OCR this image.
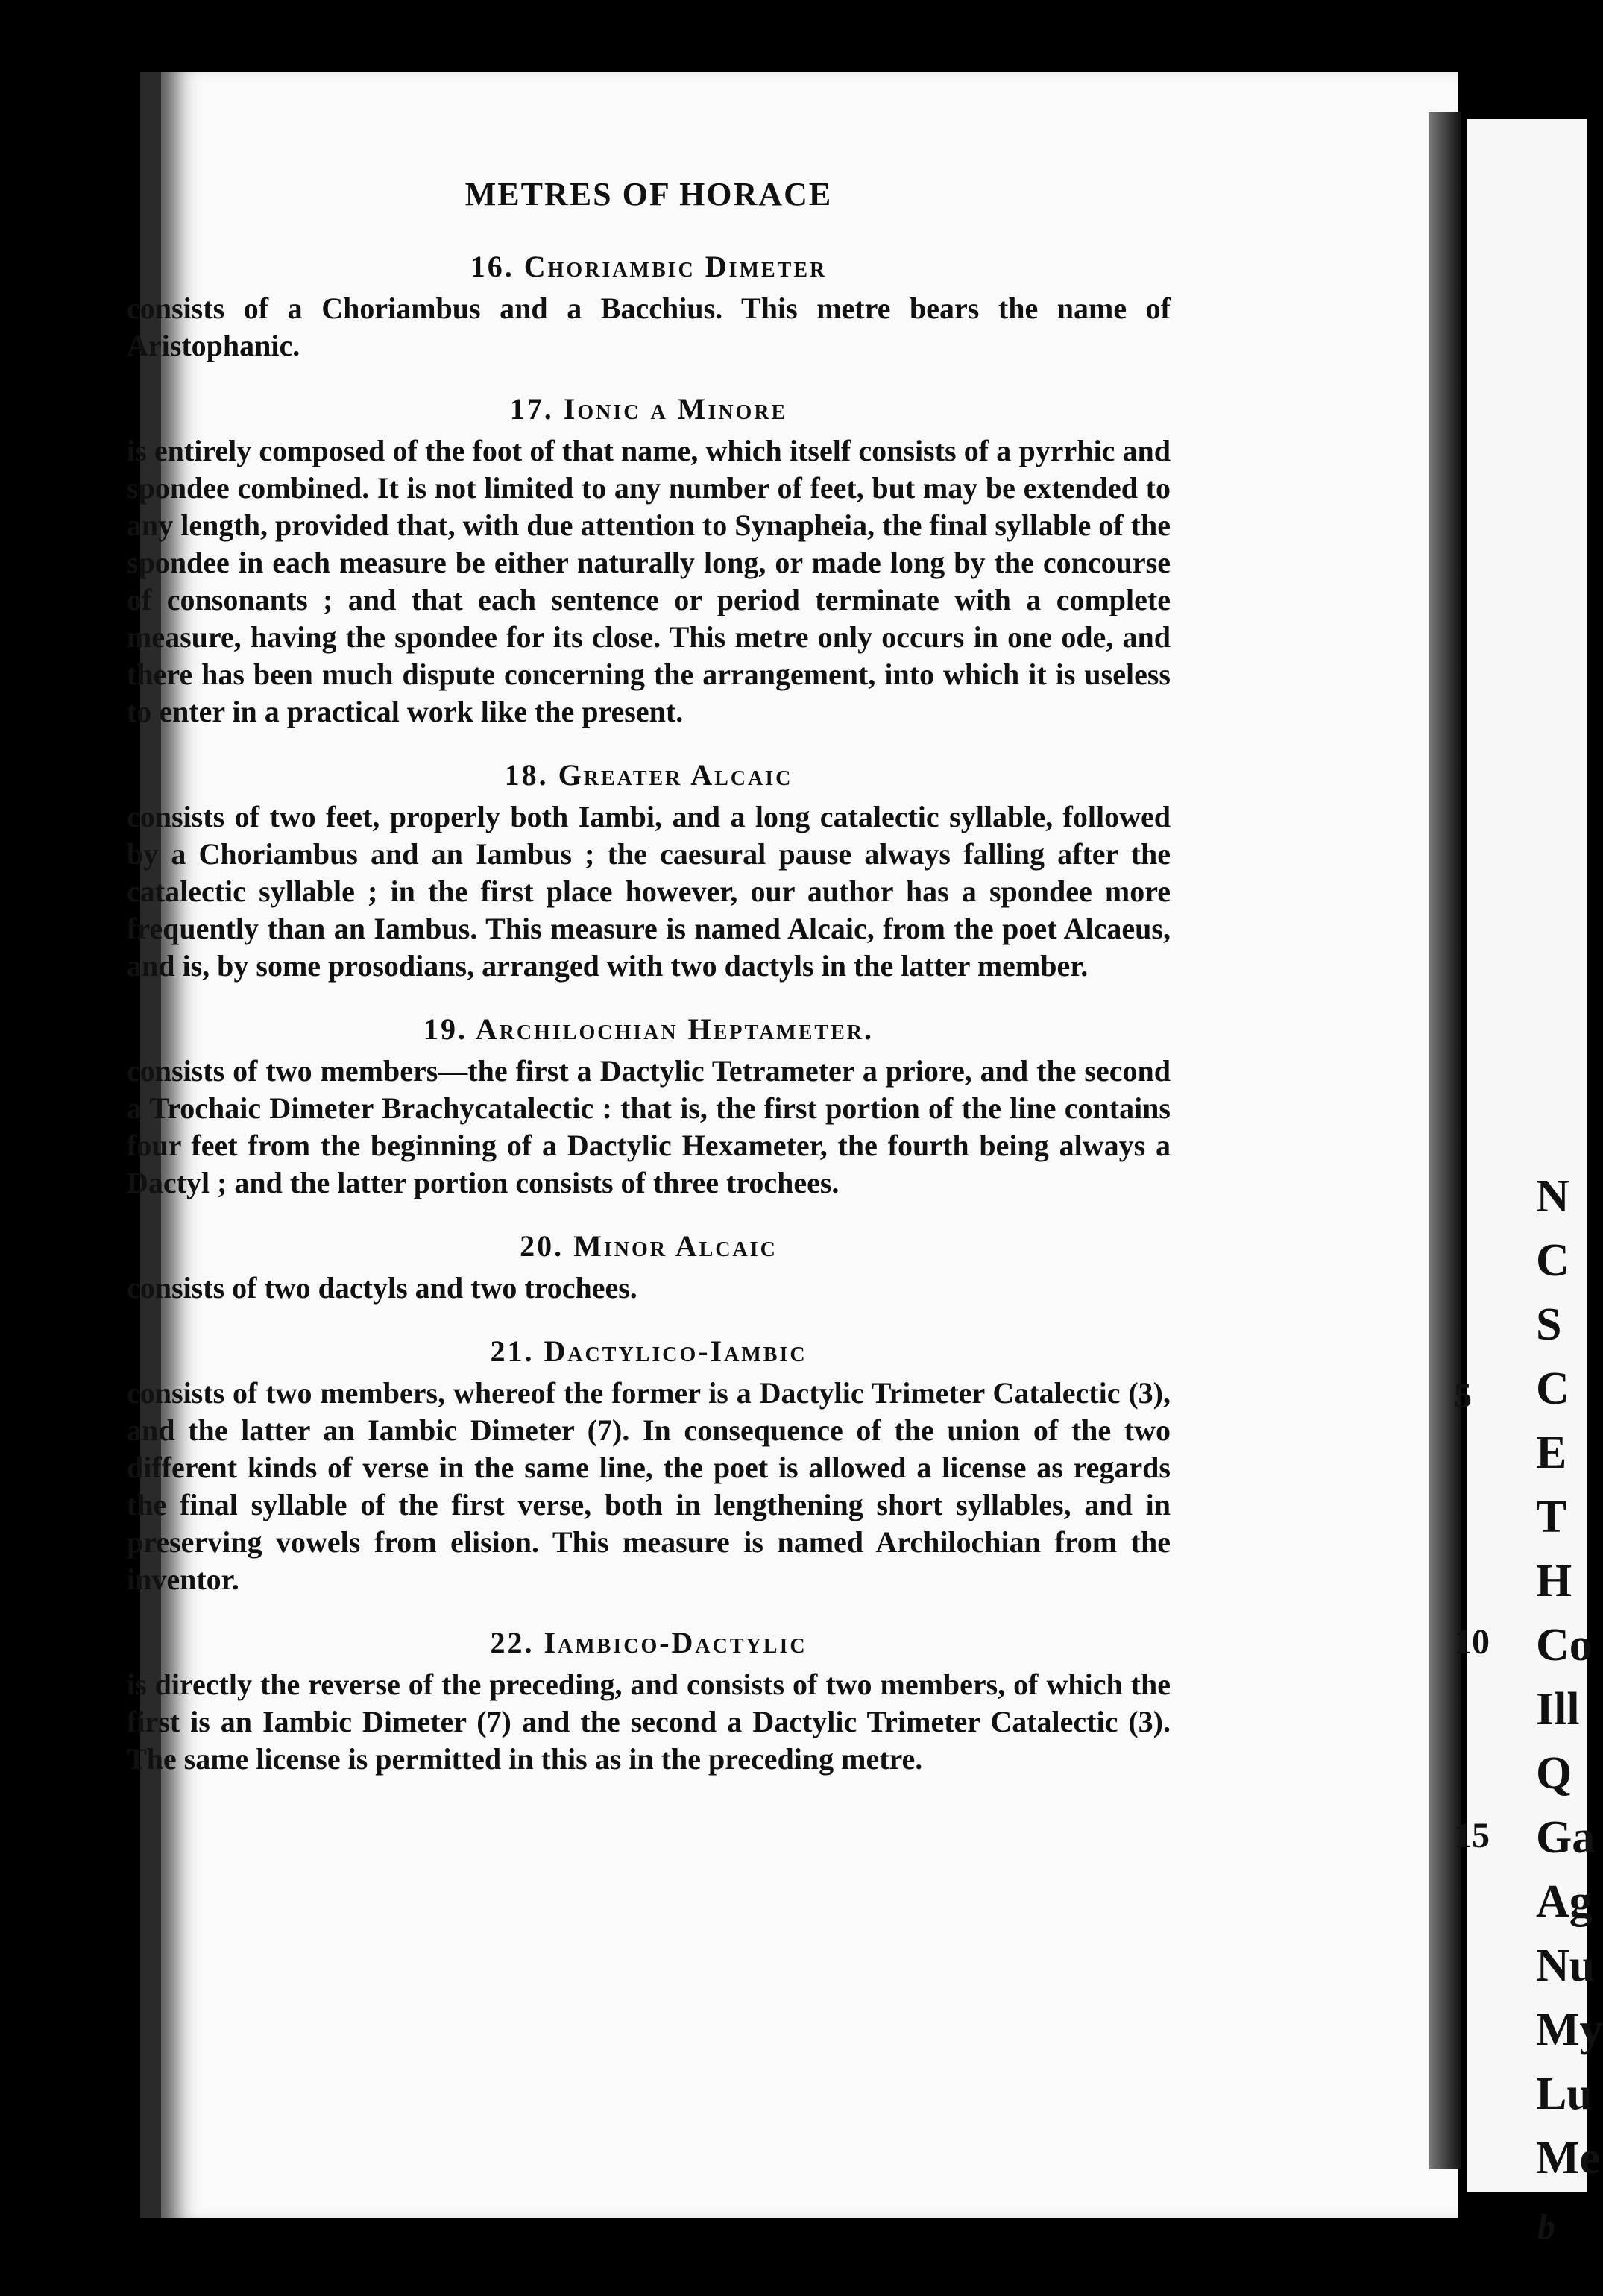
METRES OF HORACE
16. Choriambic Dimeter

consists of a Choriambus and a Bacchius. This metre bears the name of Aristophanic.

17. Ionic a Minore

is entirely composed of the foot of that name, which itself consists of a pyrrhic and spondee combined. It is not limited to any number of feet, but may be extended to any length, provided that, with due attention to Synapheia, the final syllable of the spondee in each measure be either naturally long, or made long by the concourse of consonants ; and that each sentence or period terminate with a complete measure, having the spondee for its close. This metre only occurs in one ode, and there has been much dispute concerning the arrangement, into which it is useless to enter in a practical work like the present.

18. Greater Alcaic

consists of two feet, properly both Iambi, and a long catalectic syllable, followed by a Choriambus and an Iambus ; the caesural pause always falling after the catalectic syllable ; in the first place however, our author has a spondee more frequently than an Iambus. This measure is named Alcaic, from the poet Alcaeus, and is, by some prosodians, arranged with two dactyls in the latter member.

19. Archilochian Heptameter.

consists of two members—the first a Dactylic Tetrameter a priore, and the second a Trochaic Dimeter Brachycatalectic : that is, the first portion of the line contains four feet from the beginning of a Dactylic Hexameter, the fourth being always a Dactyl ; and the latter portion consists of three trochees.

20. Minor Alcaic

consists of two dactyls and two trochees.

21. Dactylico-Iambic

consists of two members, whereof the former is a Dactylic Trimeter Catalectic (3), and the latter an Iambic Dimeter (7). In consequence of the union of the two different kinds of verse in the same line, the poet is allowed a license as regards the final syllable of the first verse, both in lengthening short syllables, and in preserving vowels from elision. This measure is named Archilochian from the inventor.

22. Iambico-Dactylic

is directly the reverse of the preceding, and consists of two members, of which the first is an Iambic Dimeter (7) and the second a Dactylic Trimeter Catalectic (3). The same license is permitted in this as in the preceding metre.

N
C
S
C
E
T
H
Co
Ill
Q
Ga
Ag
Nu
My
Lu
Me
5
10
15
b
